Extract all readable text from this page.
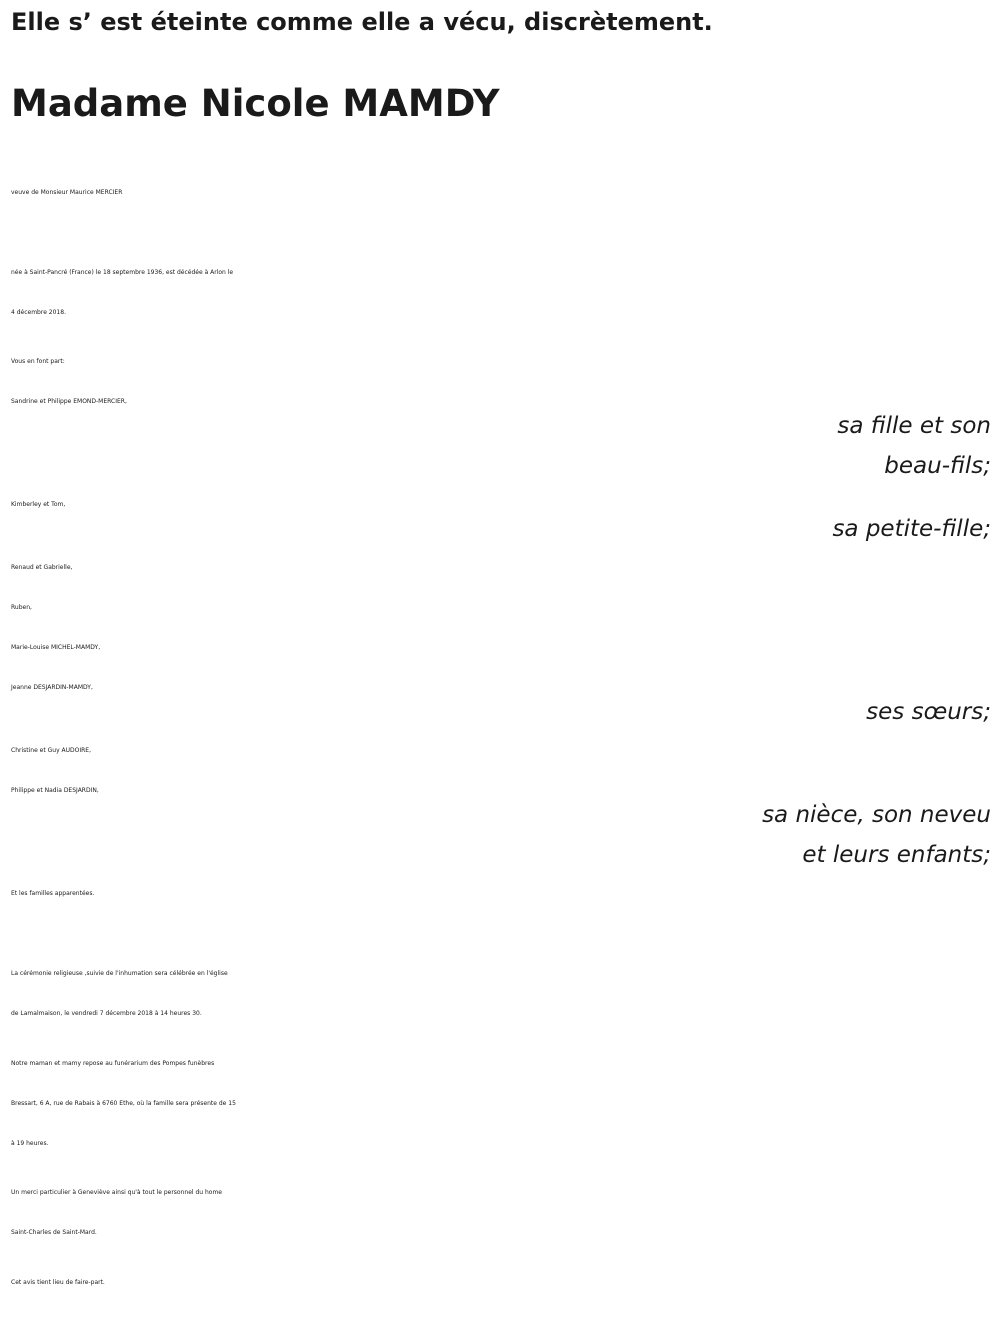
Elle s’ est éteinte comme elle a vécu, discrètement.
Madame Nicole MAMDY
veuve de Monsieur Maurice MERCIER
née à Saint-Pancré (France) le 18 septembre 1936, est décédée à Arlon le
4 décembre 2018.
Vous en font part:
Sandrine et Philippe EMOND-MERCIER,
sa fille et son
beau-fils;
Kimberley et Tom,
sa petite-fille;
Renaud et Gabrielle,
Ruben,
Marie-Louise MICHEL-MAMDY,
Jeanne DESJARDIN-MAMDY,
ses sœurs;
Christine et Guy AUDOIRE,
Philippe et Nadia DESJARDIN,
sa nièce, son neveu
et leurs enfants;
Et les familles apparentées.
La cérémonie religieuse ,suivie de l'inhumation sera célébrée en l'église
de Lamalmaison, le vendredi 7 décembre 2018 à 14 heures 30.
Notre maman et mamy repose au funérarium des Pompes funèbres
Bressart, 6 A, rue de Rabais à 6760 Ethe, où la famille sera présente de 15
à 19 heures.
Un merci particulier à Geneviève ainsi qu'à tout le personnel du home
Saint-Charles de Saint-Mard.
Cet avis tient lieu de faire-part.
